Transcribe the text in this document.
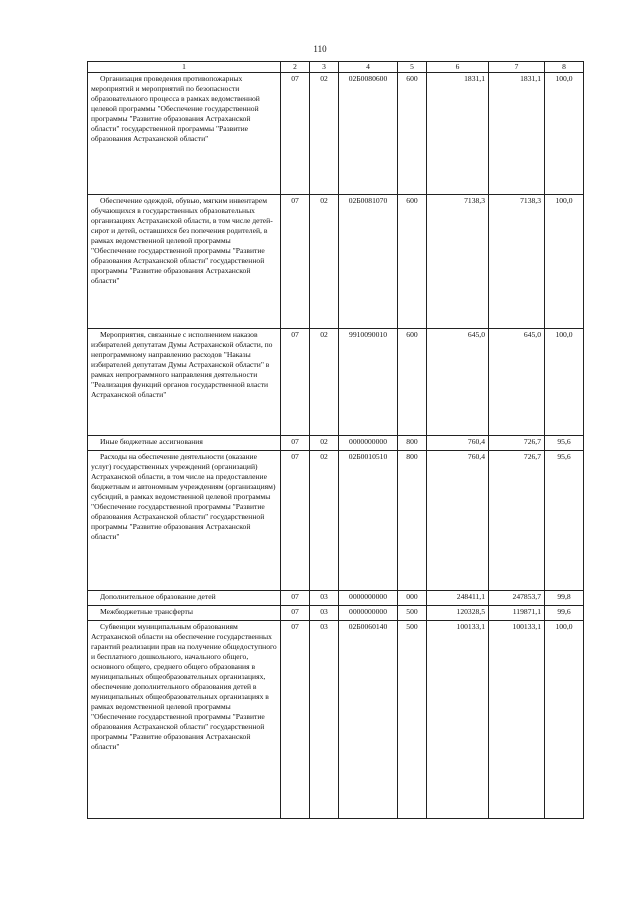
110
1	2	3	4	5	6	7	8
Организация проведения противопожарных мероприятий и мероприятий по безопасности образовательного процесса в рамках ведомственной целевой программы "Обеспечение государственной программы "Развитие образования Астраханской области" государственной программы "Развитие образования Астраханской области"	07	02	02Б0080600	600	1831,1	1831,1	100,0
Обеспечение одеждой, обувью, мягким инвентарем обучающихся в государственных образовательных организациях Астраханской области, в том числе детей-сирот и детей, оставшихся без попечения родителей, в рамках ведомственной целевой программы "Обеспечение государственной программы "Развитие образования Астраханской области" государственной программы "Развитие образования Астраханской области"	07	02	02Б0081070	600	7138,3	7138,3	100,0
Мероприятия, связанные с исполнением наказов избирателей депутатам Думы Астраханской области, по непрограммному направлению расходов "Наказы избирателей депутатам Думы Астраханской области" в рамках непрограммного направления деятельности "Реализация функций органов государственной власти Астраханской области"	07	02	9910090010	600	645,0	645,0	100,0
Иные бюджетные ассигнования	07	02	0000000000	800	760,4	726,7	95,6
Расходы на обеспечение деятельности (оказание услуг) государственных учреждений (организаций) Астраханской области, в том числе на предоставление бюджетным и автономным учреждениям (организациям) субсидий, в рамках ведомственной целевой программы "Обеспечение государственной программы "Развитие образования Астраханской области" государственной программы "Развитие образования Астраханской области"	07	02	02Б0010510	800	760,4	726,7	95,6
Дополнительное образование детей	07	03	0000000000	000	248411,1	247853,7	99,8
Межбюджетные трансферты	07	03	0000000000	500	120328,5	119871,1	99,6
Субвенции муниципальным образованиям Астраханской области на обеспечение государственных гарантий реализации прав на получение общедоступного и бесплатного дошкольного, начального общего, основного общего, среднего общего образования в муниципальных общеобразовательных организациях, обеспечение дополнительного образования детей в муниципальных общеобразовательных организациях в рамках ведомственной целевой программы "Обеспечение государственной программы "Развитие образования Астраханской области" государственной программы "Развитие образования Астраханской области"	07	03	02Б0060140	500	100133,1	100133,1	100,0
